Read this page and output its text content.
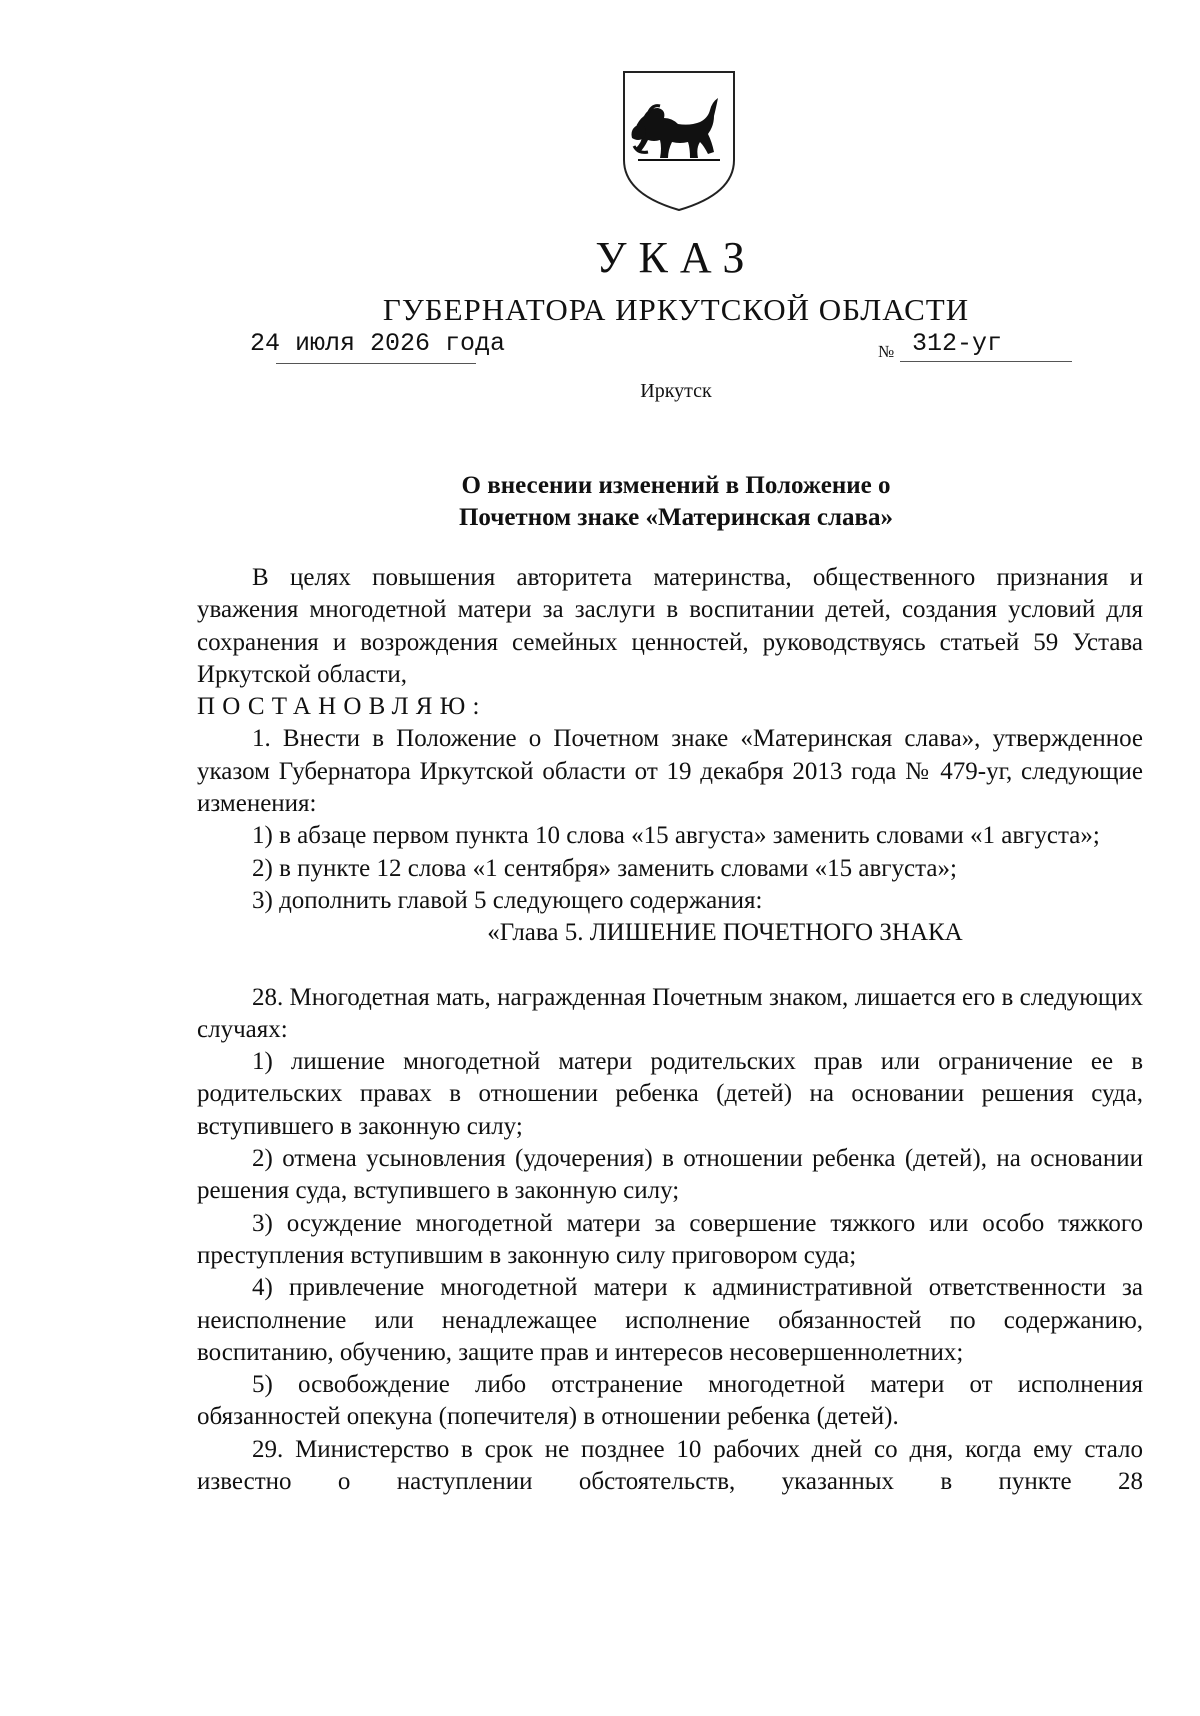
УКАЗ
ГУБЕРНАТОРА ИРКУТСКОЙ ОБЛАСТИ
24 июля 2026 года	№ 312-уг
Иркутск
О внесении изменений в Положение о
Почетном знаке «Материнская слава»

В целях повышения авторитета материнства, общественного признания и уважения многодетной матери за заслуги в воспитании детей, создания условий для сохранения и возрождения семейных ценностей, руководствуясь статьей 59 Устава Иркутской области,

ПОСТАНОВЛЯЮ:

1. Внести в Положение о Почетном знаке «Материнская слава», утвержденное указом Губернатора Иркутской области от 19 декабря 2013 года № 479-уг, следующие изменения:

1) в абзаце первом пункта 10 слова «15 августа» заменить словами «1 августа»;

2) в пункте 12 слова «1 сентября» заменить словами «15 августа»;

3) дополнить главой 5 следующего содержания:

«Глава 5. ЛИШЕНИЕ ПОЧЕТНОГО ЗНАКА

28. Многодетная мать, награжденная Почетным знаком, лишается его в следующих случаях:

1) лишение многодетной матери родительских прав или ограничение ее в родительских правах в отношении ребенка (детей) на основании решения суда, вступившего в законную силу;

2) отмена усыновления (удочерения) в отношении ребенка (детей), на основании решения суда, вступившего в законную силу;

3) осуждение многодетной матери за совершение тяжкого или особо тяжкого преступления вступившим в законную силу приговором суда;

4) привлечение многодетной матери к административной ответственности за неисполнение или ненадлежащее исполнение обязанностей по содержанию, воспитанию, обучению, защите прав и интересов несовершеннолетних;

5) освобождение либо отстранение многодетной матери от исполнения обязанностей опекуна (попечителя) в отношении ребенка (детей).

29. Министерство в срок не позднее 10 рабочих дней со дня, когда ему стало известно о наступлении обстоятельств, указанных в пункте 28
